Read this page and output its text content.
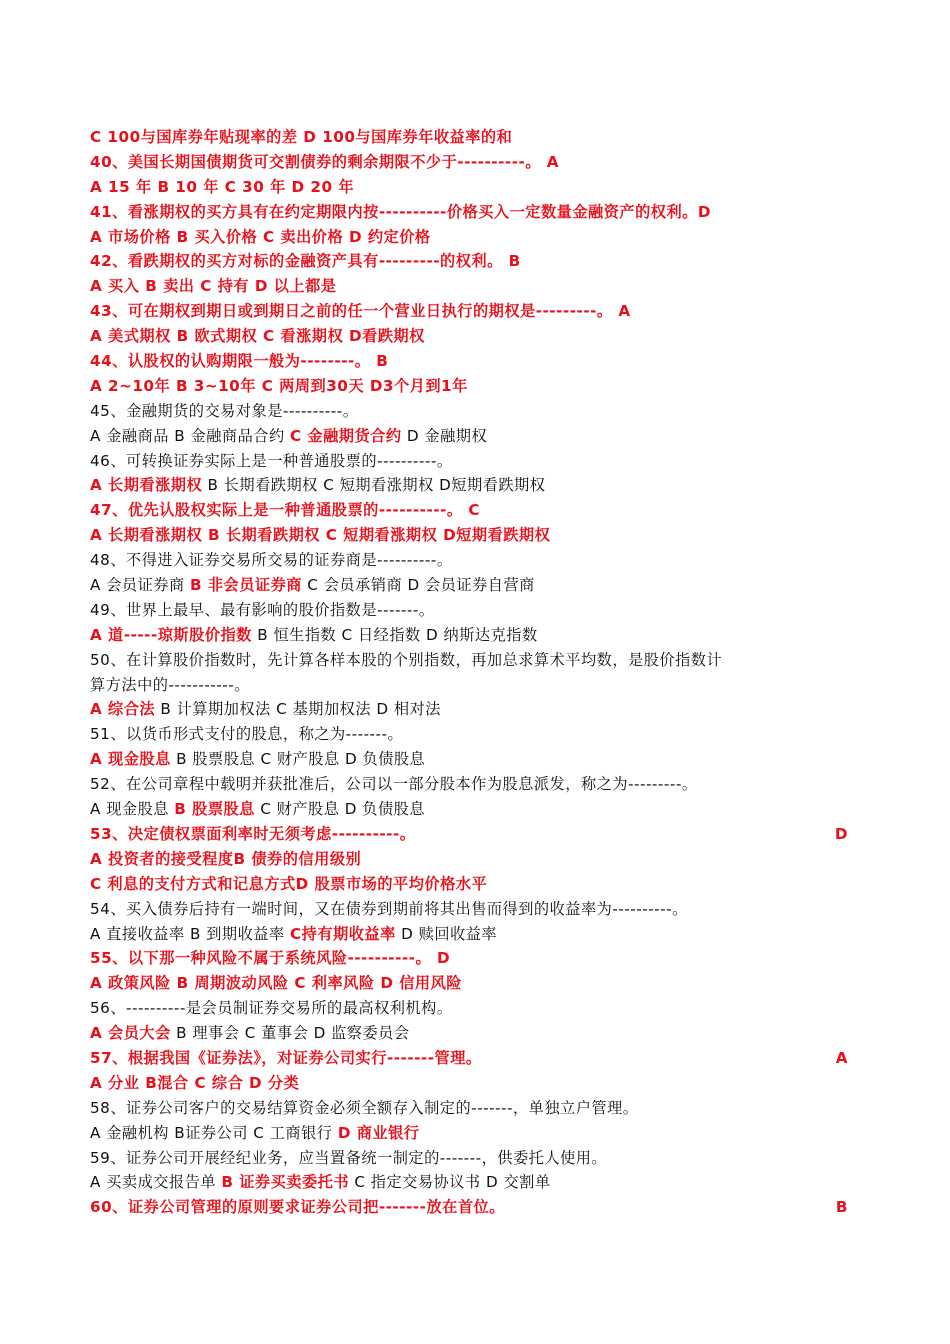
C 100与国库券年贴现率的差 D 100与国库券年收益率的和
40、美国长期国债期货可交割债券的剩余期限不少于----------。 A
A 15 年 B 10 年 C 30 年 D 20 年
41、看涨期权的买方具有在约定期限内按----------价格买入一定数量金融资产的权利。D
A 市场价格 B 买入价格 C 卖出价格 D 约定价格
42、看跌期权的买方对标的金融资产具有---------的权利。 B
A 买入 B 卖出 C 持有 D 以上都是
43、可在期权到期日或到期日之前的任一个营业日执行的期权是---------。 A
A 美式期权 B 欧式期权 C 看涨期权 D看跌期权
44、认股权的认购期限一般为--------。 B
A 2~10年 B 3~10年 C 两周到30天 D3个月到1年
45、金融期货的交易对象是----------。
A 金融商品 B 金融商品合约 C 金融期货合约 D 金融期权
46、可转换证券实际上是一种普通股票的----------。
A 长期看涨期权 B 长期看跌期权 C 短期看涨期权 D短期看跌期权
47、优先认股权实际上是一种普通股票的----------。 C
A 长期看涨期权 B 长期看跌期权 C 短期看涨期权 D短期看跌期权
48、不得进入证券交易所交易的证券商是----------。
A 会员证券商 B 非会员证券商 C 会员承销商 D 会员证券自营商
49、世界上最早、最有影响的股价指数是-------。
A 道-----琼斯股价指数 B 恒生指数 C 日经指数 D 纳斯达克指数
50、在计算股价指数时，先计算各样本股的个别指数，再加总求算术平均数，是股价指数计
算方法中的-----------。
A 综合法 B 计算期加权法 C 基期加权法 D 相对法
51、以货币形式支付的股息，称之为-------。
A 现金股息 B 股票股息 C 财产股息 D 负债股息
52、在公司章程中载明并获批准后，公司以一部分股本作为股息派发，称之为---------。
A 现金股息 B 股票股息 C 财产股息 D 负债股息
53、决定债权票面利率时无须考虑----------。	D
A 投资者的接受程度B 债券的信用级别
C 利息的支付方式和记息方式D 股票市场的平均价格水平
54、买入债券后持有一端时间，又在债券到期前将其出售而得到的收益率为----------。
A 直接收益率 B 到期收益率 C持有期收益率 D 赎回收益率
55、以下那一种风险不属于系统风险----------。 D
A 政策风险 B 周期波动风险 C 利率风险 D 信用风险
56、----------是会员制证券交易所的最高权利机构。
A 会员大会 B 理事会 C 董事会 D 监察委员会
57、根据我国《证券法》，对证券公司实行-------管理。	A
A 分业 B混合 C 综合 D 分类
58、证券公司客户的交易结算资金必须全额存入制定的-------，单独立户管理。
A 金融机构 B证券公司 C 工商银行 D 商业银行
59、证券公司开展经纪业务，应当置备统一制定的-------，供委托人使用。
A 买卖成交报告单 B 证券买卖委托书 C 指定交易协议书 D 交割单
60、证券公司管理的原则要求证券公司把-------放在首位。	B
